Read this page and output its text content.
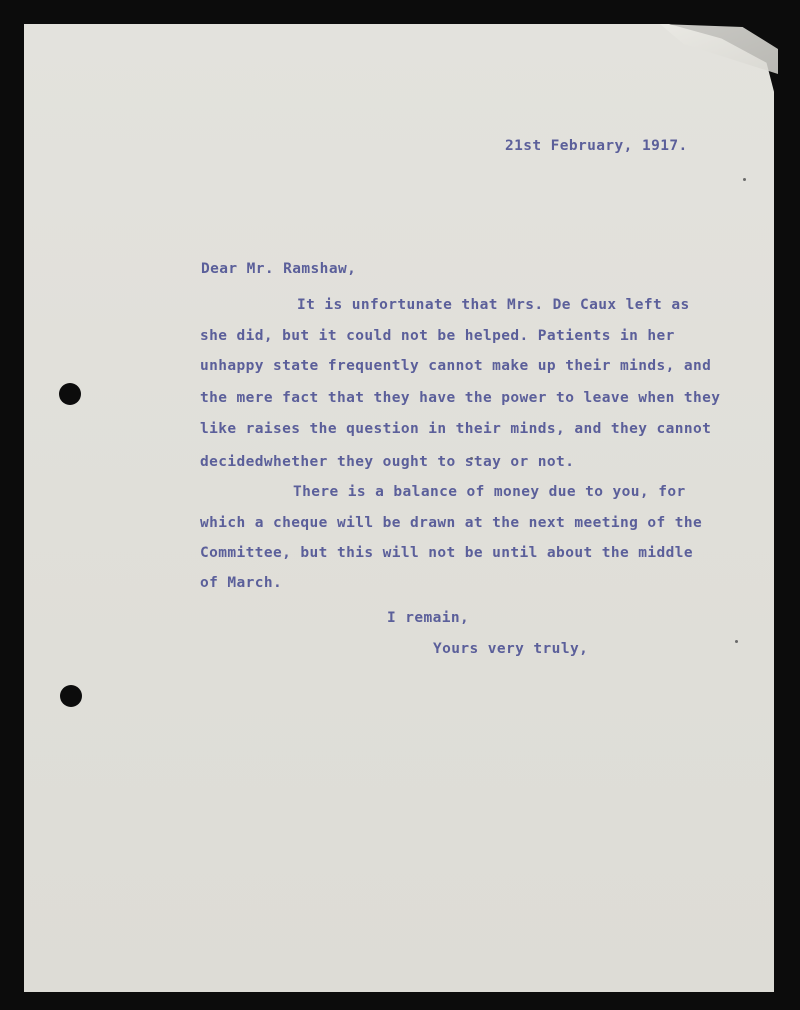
21st February, 1917.

Dear Mr. Ramshaw,

It is unfortunate that Mrs. De Caux left as

she did, but it could not be helped. Patients in her

unhappy state frequently cannot make up their minds, and

the mere fact that they have the power to leave when they

like raises the question in their minds, and they cannot

decidedwhether they ought to stay or not.

There is a balance of money due to you, for

which a cheque will be drawn at the next meeting of the

Committee, but this will not be until about the middle

of March.

I remain,

Yours very truly,
